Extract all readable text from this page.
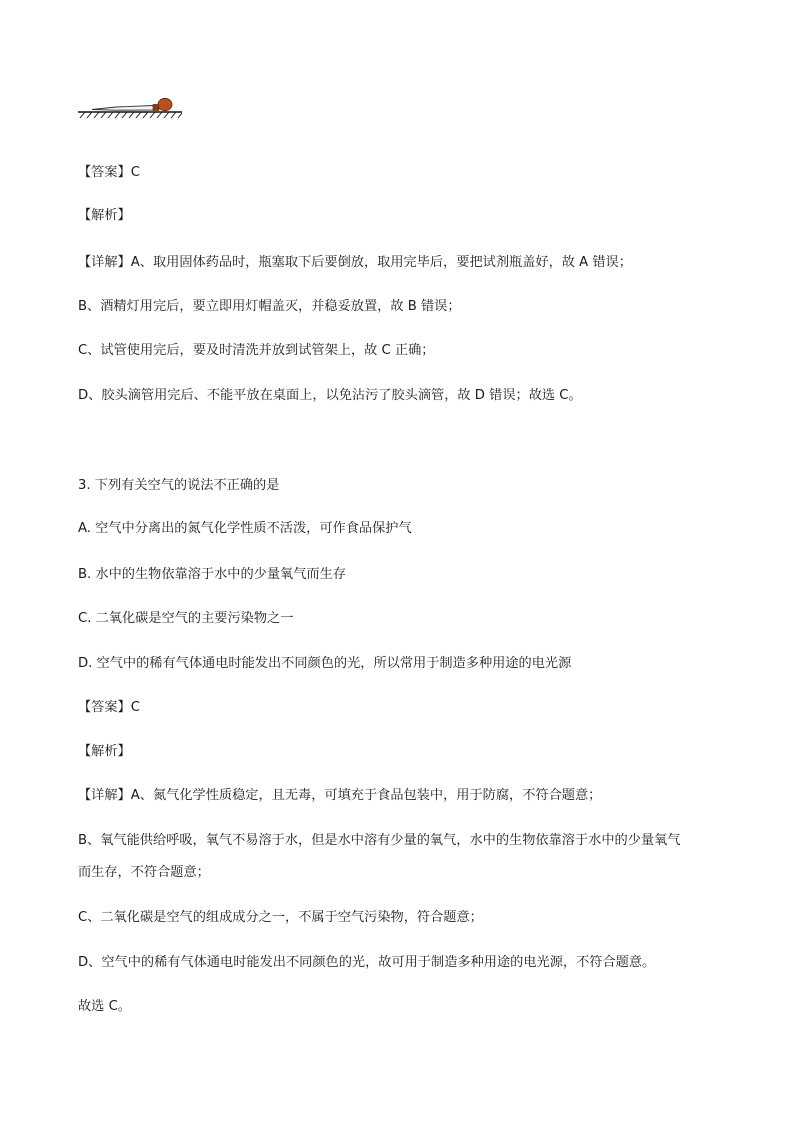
【答案】C
【解析】
【详解】A、取用固体药品时，瓶塞取下后要倒放，取用完毕后，要把试剂瓶盖好，故 A 错误；
B、酒精灯用完后，要立即用灯帽盖灭，并稳妥放置，故 B 错误；
C、试管使用完后，要及时清洗并放到试管架上，故 C 正确；
D、胶头滴管用完后、不能平放在桌面上，以免沾污了胶头滴管，故 D 错误；故选 C。
3. 下列有关空气的说法不正确的是
A. 空气中分离出的氮气化学性质不活泼，可作食品保护气
B. 水中的生物依靠溶于水中的少量氧气而生存
C. 二氧化碳是空气的主要污染物之一
D. 空气中的稀有气体通电时能发出不同颜色的光，所以常用于制造多种用途的电光源
【答案】C
【解析】
【详解】A、氮气化学性质稳定，且无毒，可填充于食品包装中，用于防腐，不符合题意；
B、氧气能供给呼吸，氧气不易溶于水，但是水中溶有少量的氧气，水中的生物依靠溶于水中的少量氧气
而生存，不符合题意；
C、二氧化碳是空气的组成成分之一，不属于空气污染物，符合题意；
D、空气中的稀有气体通电时能发出不同颜色的光，故可用于制造多种用途的电光源，不符合题意。
故选 C。
